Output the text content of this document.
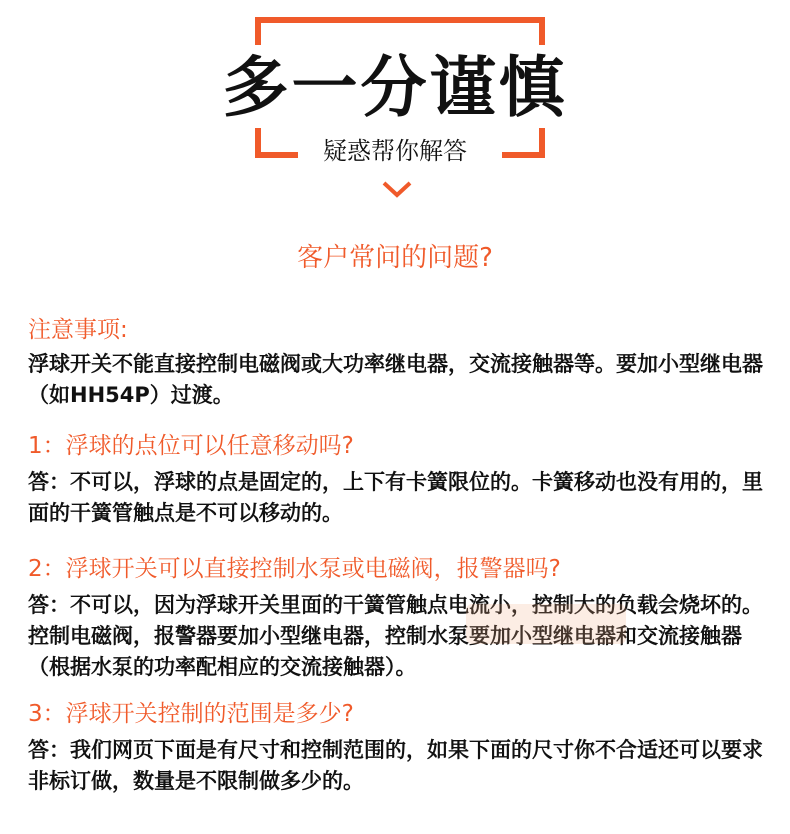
多一分谨慎
疑惑帮你解答
客户常问的问题?

注意事项:

浮球开关不能直接控制电磁阀或大功率继电器，交流接触器等。要加小型继电器（如HH54P）过渡。

1：浮球的点位可以任意移动吗?

答：不可以，浮球的点是固定的，上下有卡簧限位的。卡簧移动也没有用的，里面的干簧管触点是不可以移动的。

2：浮球开关可以直接控制水泵或电磁阀，报警器吗?

答：不可以，因为浮球开关里面的干簧管触点电流小，控制大的负载会烧坏的。控制电磁阀，报警器要加小型继电器，控制水泵要加小型继电器和交流接触器（根据水泵的功率配相应的交流接触器）。

3：浮球开关控制的范围是多少?

答：我们网页下面是有尺寸和控制范围的，如果下面的尺寸你不合适还可以要求非标订做，数量是不限制做多少的。
